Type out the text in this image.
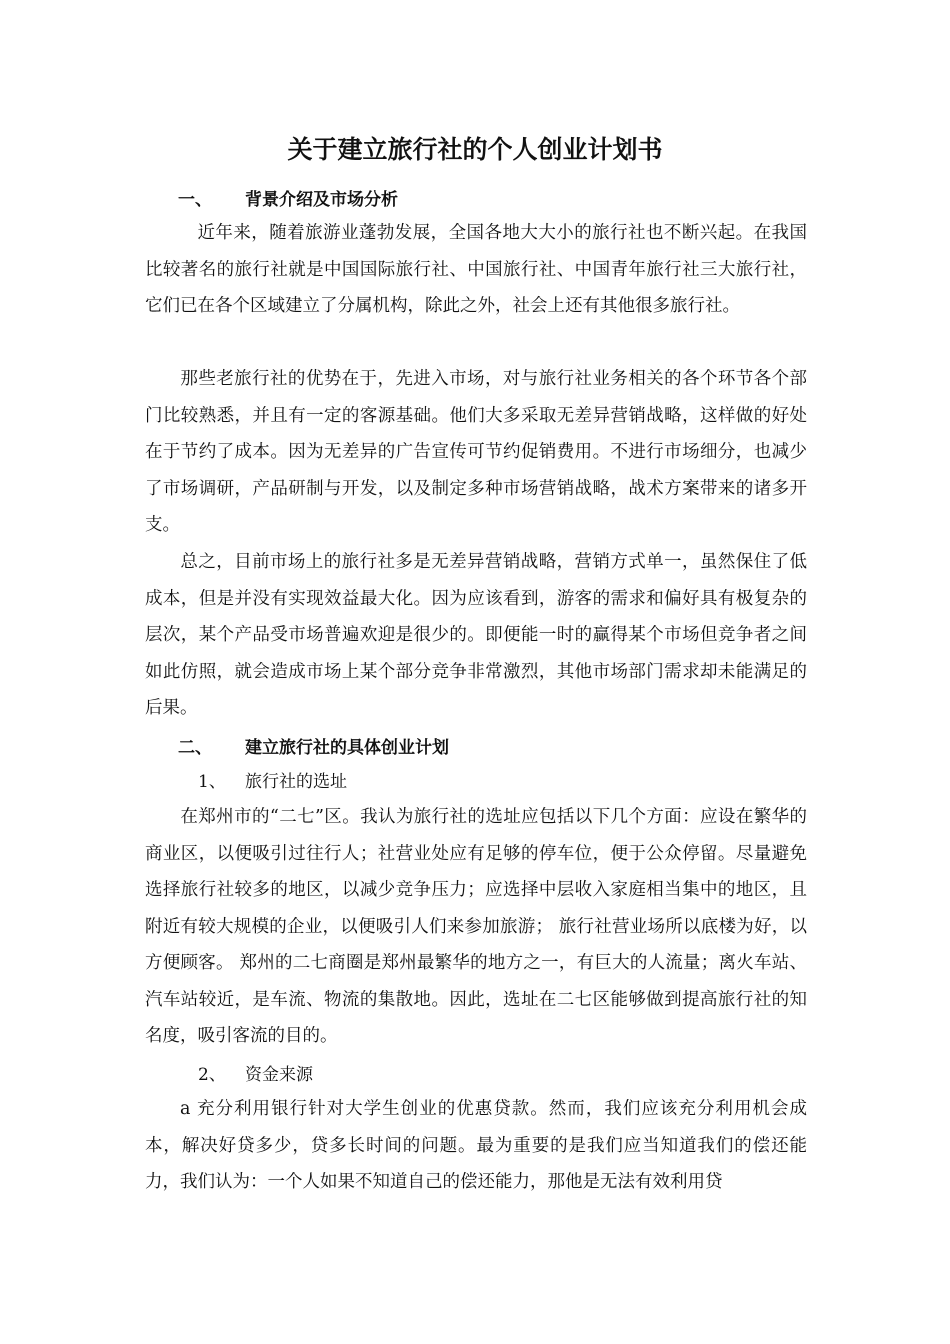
关于建立旅行社的个人创业计划书
一、 背景介绍及市场分析
近年来，随着旅游业蓬勃发展，全国各地大大小的旅行社也不断兴起。在我国比较著名的旅行社就是中国国际旅行社、中国旅行社、中国青年旅行社三大旅行社，它们已在各个区域建立了分属机构，除此之外，社会上还有其他很多旅行社。
那些老旅行社的优势在于，先进入市场，对与旅行社业务相关的各个环节各个部门比较熟悉，并且有一定的客源基础。他们大多采取无差异营销战略，这样做的好处在于节约了成本。因为无差异的广告宣传可节约促销费用。不进行市场细分，也减少了市场调研，产品研制与开发，以及制定多种市场营销战略，战术方案带来的诸多开支。
总之，目前市场上的旅行社多是无差异营销战略，营销方式单一，虽然保住了低成本，但是并没有实现效益最大化。因为应该看到，游客的需求和偏好具有极复杂的层次，某个产品受市场普遍欢迎是很少的。即便能一时的赢得某个市场但竞争者之间如此仿照，就会造成市场上某个部分竞争非常激烈，其他市场部门需求却未能满足的后果。
二、 建立旅行社的具体创业计划
1、 旅行社的选址
在郑州市的“二七”区。我认为旅行社的选址应包括以下几个方面：应设在繁华的商业区，以便吸引过往行人；社营业处应有足够的停车位，便于公众停留。尽量避免选择旅行社较多的地区，以减少竞争压力；应选择中层收入家庭相当集中的地区，且附近有较大规模的企业，以便吸引人们来参加旅游； 旅行社营业场所以底楼为好，以方便顾客。 郑州的二七商圈是郑州最繁华的地方之一，有巨大的人流量；离火车站、汽车站较近，是车流、物流的集散地。因此，选址在二七区能够做到提高旅行社的知名度，吸引客流的目的。
2、 资金来源
a 充分利用银行针对大学生创业的优惠贷款。然而，我们应该充分利用机会成本，解决好贷多少，贷多长时间的问题。最为重要的是我们应当知道我们的偿还能力，我们认为：一个人如果不知道自己的偿还能力，那他是无法有效利用贷
